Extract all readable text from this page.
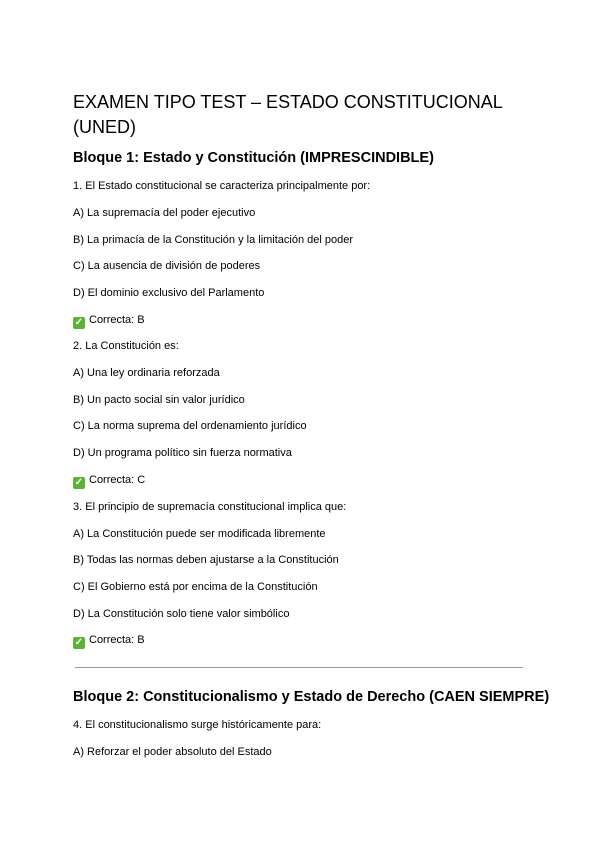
EXAMEN TIPO TEST – ESTADO CONSTITUCIONAL (UNED)
Bloque 1: Estado y Constitución (IMPRESCINDIBLE)

1. El Estado constitucional se caracteriza principalmente por:

A) La supremacía del poder ejecutivo

B) La primacía de la Constitución y la limitación del poder

C) La ausencia de división de poderes

D) El dominio exclusivo del Parlamento

✓ Correcta: B

2. La Constitución es:

A) Una ley ordinaria reforzada

B) Un pacto social sin valor jurídico

C) La norma suprema del ordenamiento jurídico

D) Un programa político sin fuerza normativa

✓ Correcta: C

3. El principio de supremacía constitucional implica que:

A) La Constitución puede ser modificada libremente

B) Todas las normas deben ajustarse a la Constitución

C) El Gobierno está por encima de la Constitución

D) La Constitución solo tiene valor simbólico

✓ Correcta: B

Bloque 2: Constitucionalismo y Estado de Derecho (CAEN SIEMPRE)

4. El constitucionalismo surge históricamente para:

A) Reforzar el poder absoluto del Estado
